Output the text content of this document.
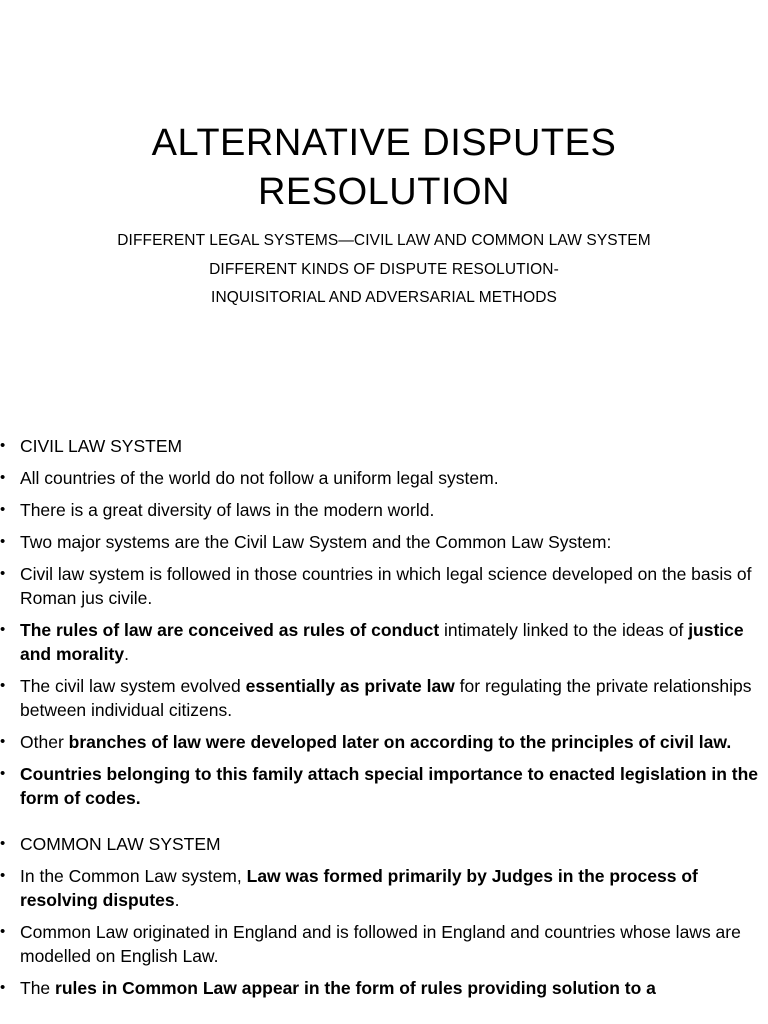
ALTERNATIVE DISPUTES
RESOLUTION
DIFFERENT LEGAL SYSTEMS—CIVIL LAW AND COMMON LAW SYSTEM
DIFFERENT KINDS OF DISPUTE RESOLUTION-
INQUISITORIAL AND ADVERSARIAL METHODS
• CIVIL LAW SYSTEM
• All countries of the world do not follow a uniform legal system.
• There is a great diversity of laws in the modern world.
• Two major systems are the Civil Law System and the Common Law System:
• Civil law system is followed in those countries in which legal science developed on the basis of Roman jus civile.
• The rules of law are conceived as rules of conduct intimately linked to the ideas of justice and morality.
• The civil law system evolved essentially as private law for regulating the private relationships between individual citizens.
• Other branches of law were developed later on according to the principles of civil law.
• Countries belonging to this family attach special importance to enacted legislation in the form of codes.
• COMMON LAW SYSTEM
• In the Common Law system, Law was formed primarily by Judges in the process of resolving disputes.
• Common Law originated in England and is followed in England and countries whose laws are modelled on English Law.
• The rules in Common Law appear in the form of rules providing solution to a
